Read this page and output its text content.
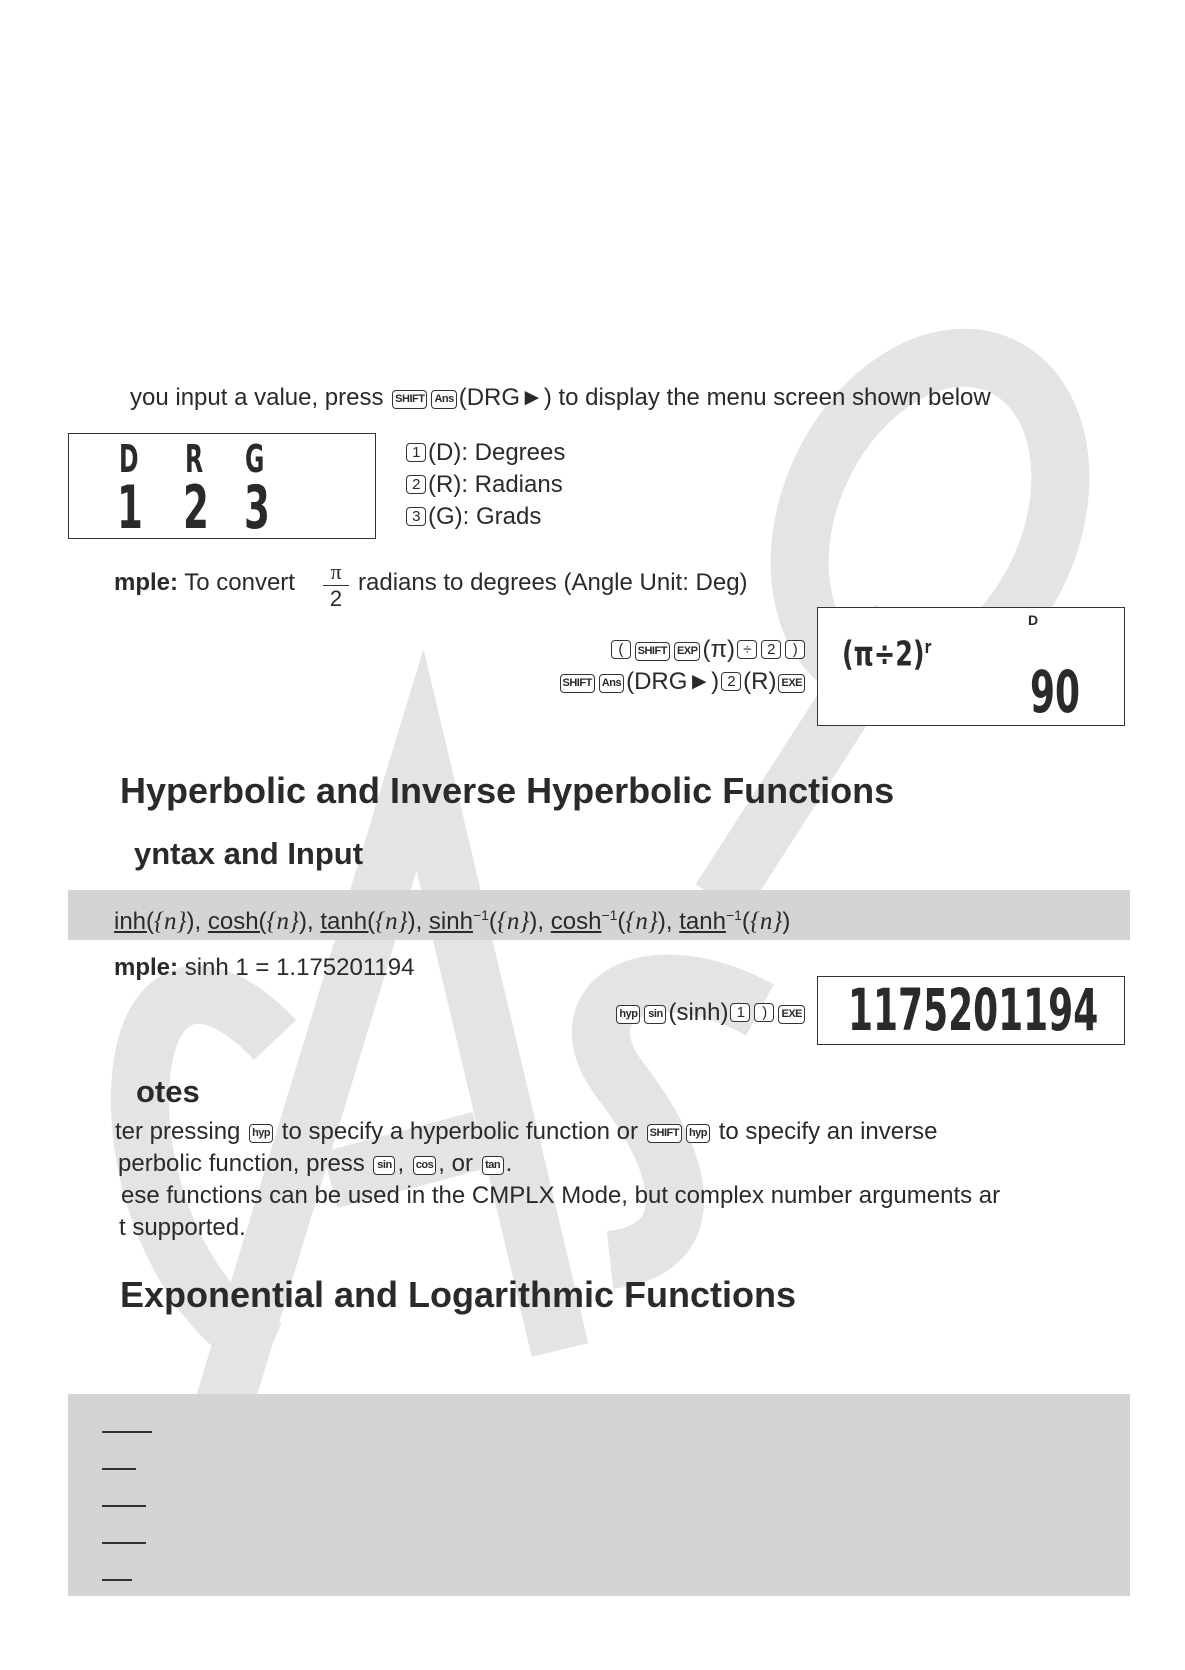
you input a value, press SHIFT Ans (DRG►) to display the menu screen shown below
D R G
1 2 3
1 (D): Degrees
2 (R): Radians
3 (G): Grads
mple: To convert	π
2
radians to degrees (Angle Unit: Deg)
( SHIFT EXP (π) ÷ 2 )
SHIFT Ans (DRG►) 2 (R) EXE
D
$(\pi\div 2)^r$
90
Hyperbolic and Inverse Hyperbolic Functions
yntax and Input
inh({n}), cosh({n}), tanh({n}), $\sinh^{-1}(\{n\})$, $\cosh^{-1}(\{n\})$, $\tanh^{-1}(\{n\})$
mple: sinh 1 = 1.175201194
hyp sin (sinh) 1 ) EXE 1175201194
otes
ter pressing hyp to specify a hyperbolic function or SHIFT hyp to specify an inverse
perbolic function, press sin , cos , or tan .
ese functions can be used in the CMPLX Mode, but complex number arguments ar
t supported.
Exponential and Logarithmic Functions
